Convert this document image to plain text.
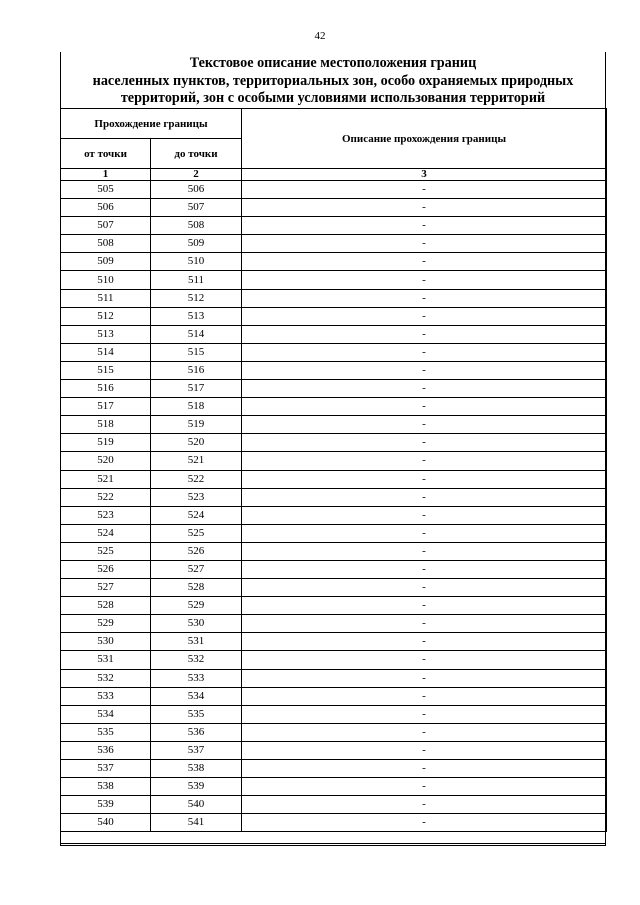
42
Текстовое описание местоположения границ
населенных пунктов, территориальных зон, особо охраняемых природных
территорий, зон с особыми условиями использования территорий
Прохождение границы		Описание прохождения границы
от точки	до точки	
1	2	3
505	506	-
506	507	-
507	508	-
508	509	-
509	510	-
510	511	-
511	512	-
512	513	-
513	514	-
514	515	-
515	516	-
516	517	-
517	518	-
518	519	-
519	520	-
520	521	-
521	522	-
522	523	-
523	524	-
524	525	-
525	526	-
526	527	-
527	528	-
528	529	-
529	530	-
530	531	-
531	532	-
532	533	-
533	534	-
534	535	-
535	536	-
536	537	-
537	538	-
538	539	-
539	540	-
540	541	-
